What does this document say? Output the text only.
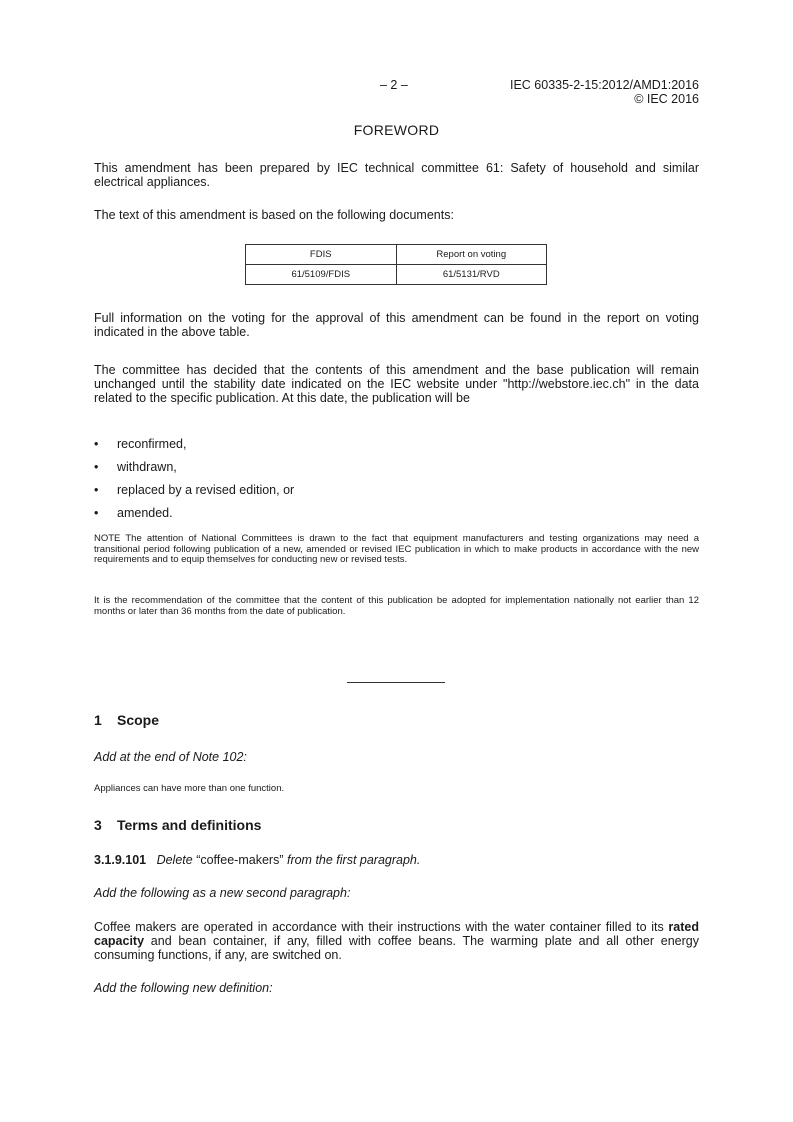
– 2 –	IEC 60335-2-15:2012/AMD1:2016
© IEC 2016
FOREWORD

This amendment has been prepared by IEC technical committee 61: Safety of household and similar electrical appliances.

The text of this amendment is based on the following documents:

FDIS	Report on voting
61/5109/FDIS	61/5131/RVD

Full information on the voting for the approval of this amendment can be found in the report on voting indicated in the above table.

The committee has decided that the contents of this amendment and the base publication will remain unchanged until the stability date indicated on the IEC website under "http://webstore.iec.ch" in the data related to the specific publication. At this date, the publication will be

• reconfirmed,
• withdrawn,
• replaced by a revised edition, or
• amended.

NOTE The attention of National Committees is drawn to the fact that equipment manufacturers and testing organizations may need a transitional period following publication of a new, amended or revised IEC publication in which to make products in accordance with the new requirements and to equip themselves for conducting new or revised tests.

It is the recommendation of the committee that the content of this publication be adopted for implementation nationally not earlier than 12 months or later than 36 months from the date of publication.

1 Scope

Add at the end of Note 102:

Appliances can have more than one function.

3 Terms and definitions

3.1.9.101 Delete “coffee-makers” from the first paragraph.

Add the following as a new second paragraph:

Coffee makers are operated in accordance with their instructions with the water container filled to its rated capacity and bean container, if any, filled with coffee beans. The warming plate and all other energy consuming functions, if any, are switched on.

Add the following new definition:
